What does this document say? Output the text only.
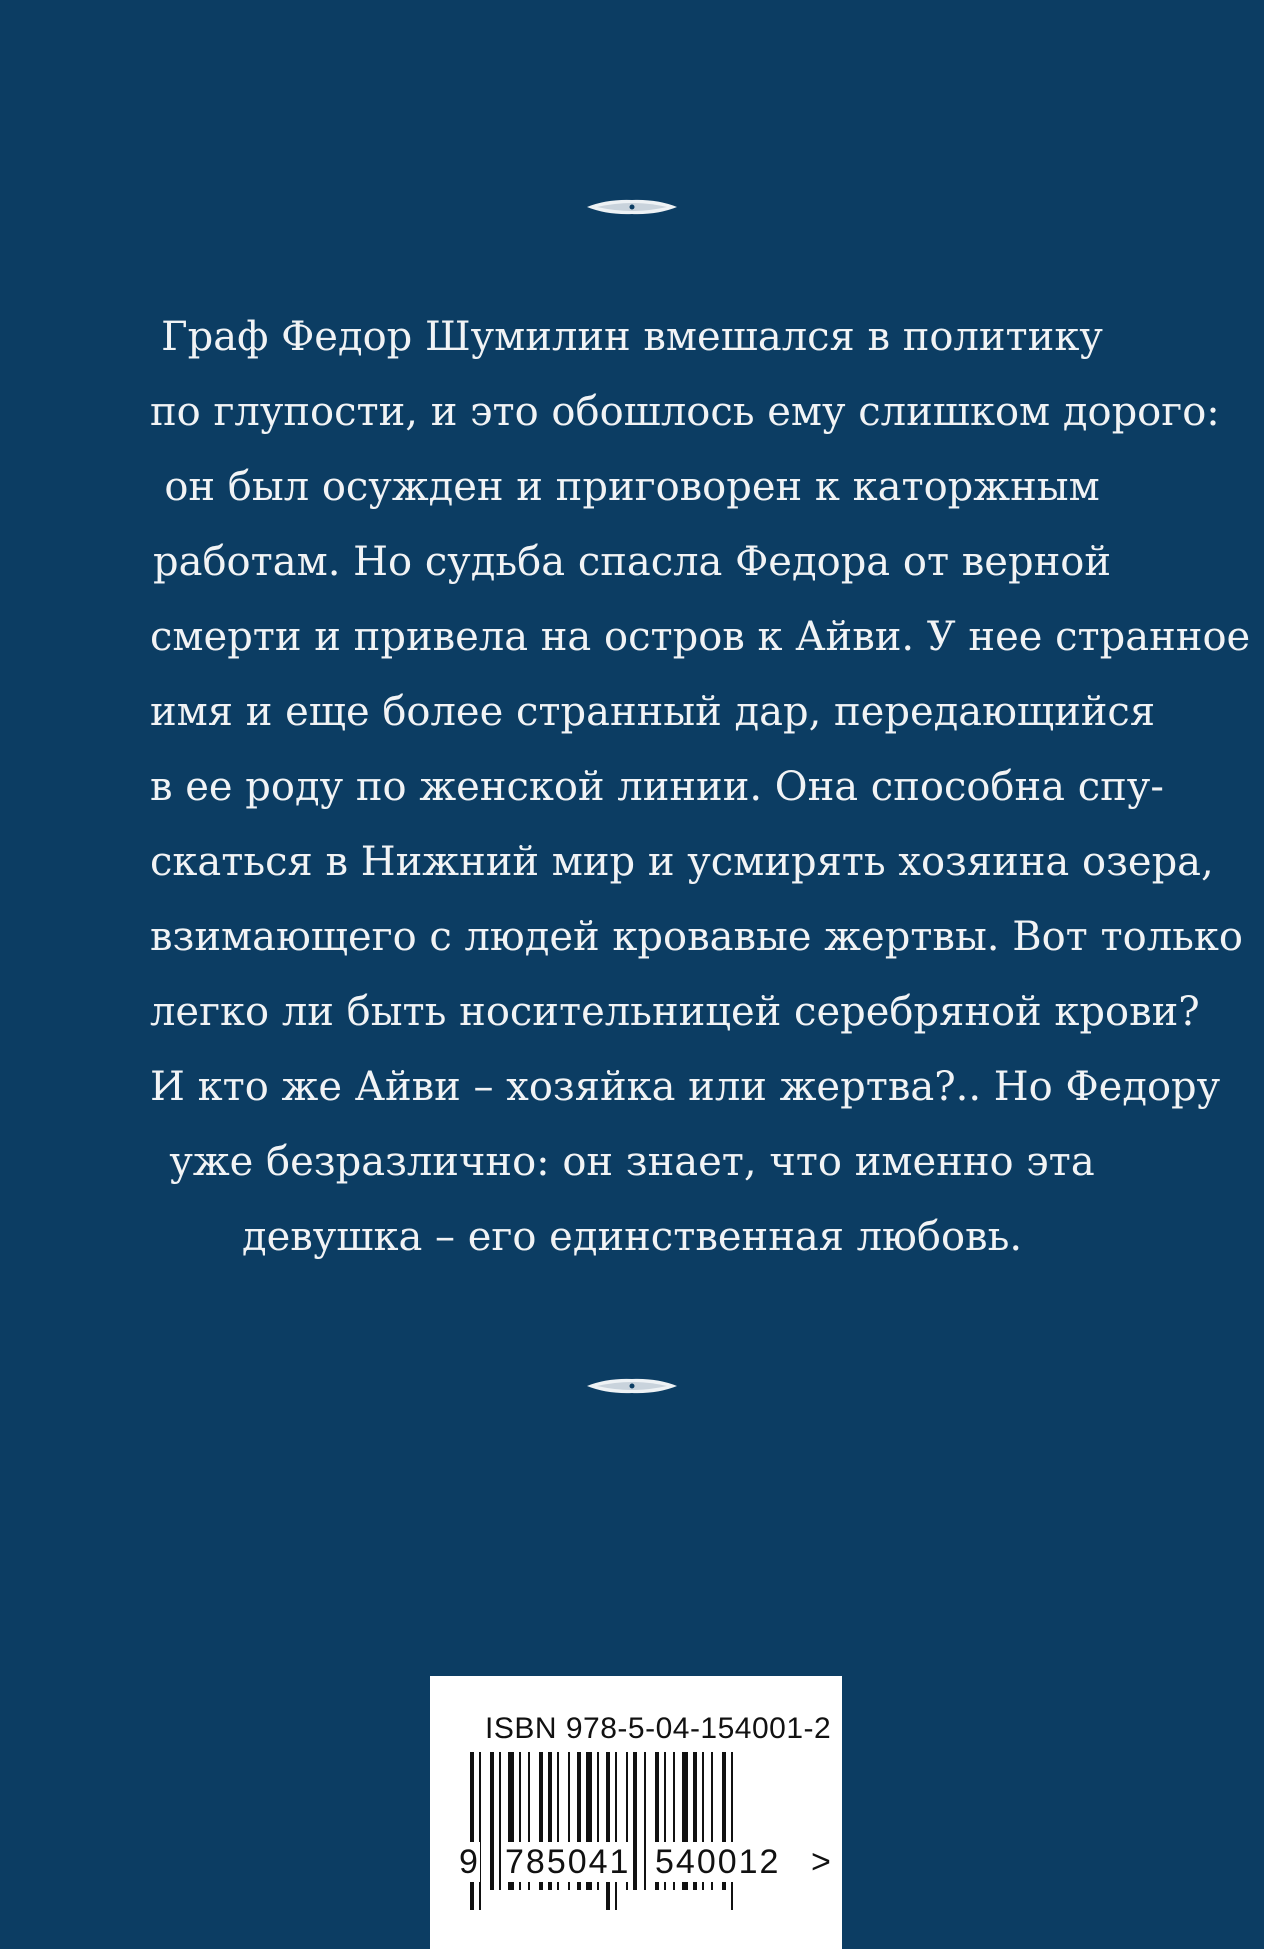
Граф Федор Шумилин вмешался в политику
по глупости, и это обошлось ему слишком дорого:
он был осужден и приговорен к каторжным
работам. Но судьба спасла Федора от верной
смерти и привела на остров к Айви. У нее странное
имя и еще более странный дар, передающийся
в ее роду по женской линии. Она способна спу-
скаться в Нижний мир и усмирять хозяина озера,
взимающего с людей кровавые жертвы. Вот только
легко ли быть носительницей серебряной крови?
И кто же Айви – хозяйка или жертва?.. Но Федору
уже безразлично: он знает, что именно эта
девушка – его единственная любовь.
ISBN 978-5-04-154001-2
9 785041 540012 >
